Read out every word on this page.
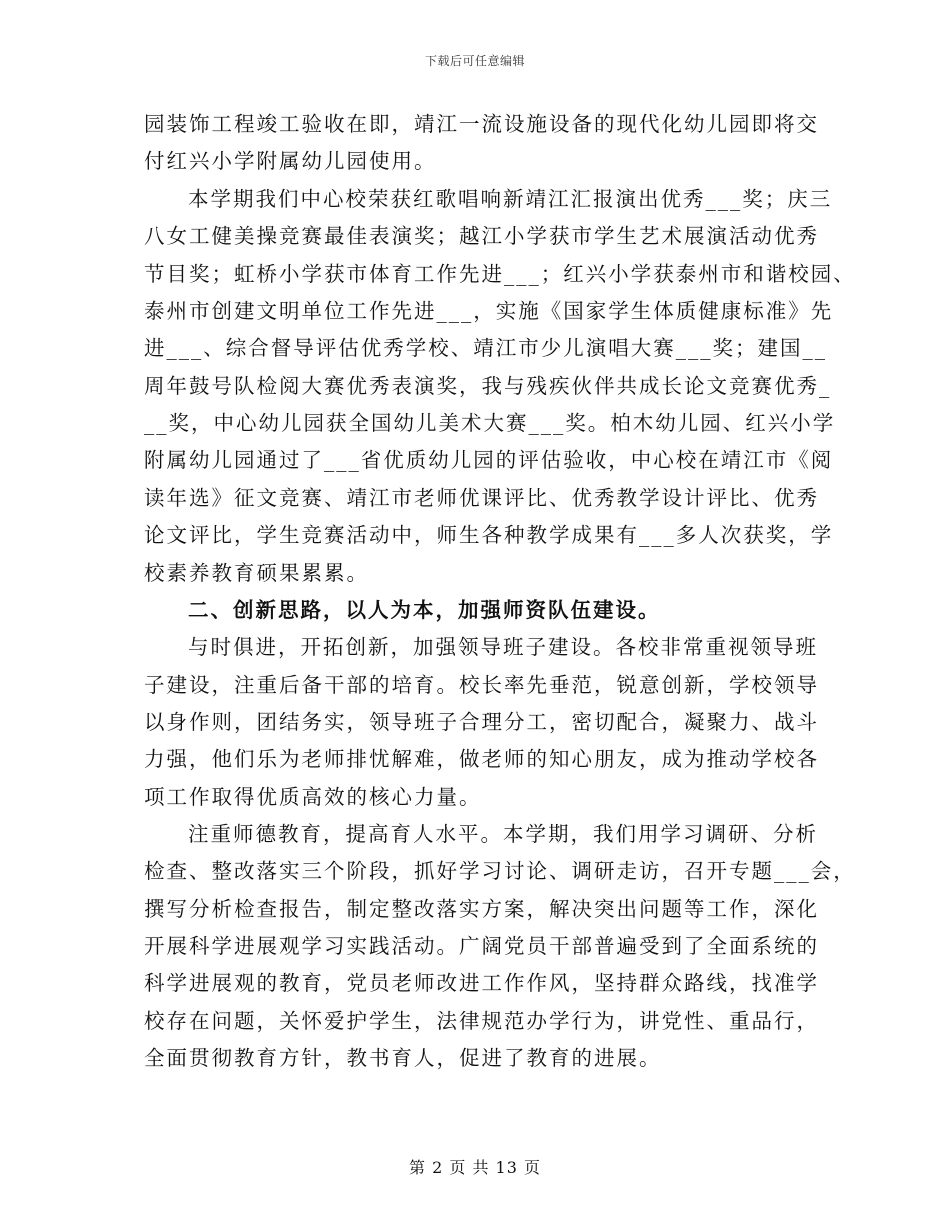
下载后可任意编辑
园装饰工程竣工验收在即，靖江一流设施设备的现代化幼儿园即将交
付红兴小学附属幼儿园使用。
本学期我们中心校荣获红歌唱响新靖江汇报演出优秀___奖；庆三
八女工健美操竞赛最佳表演奖；越江小学获市学生艺术展演活动优秀
节目奖；虹桥小学获市体育工作先进___；红兴小学获泰州市和谐校园、
泰州市创建文明单位工作先进___，实施《国家学生体质健康标准》先
进___、综合督导评估优秀学校、靖江市少儿演唱大赛___奖；建国__
周年鼓号队检阅大赛优秀表演奖，我与残疾伙伴共成长论文竞赛优秀_
__奖，中心幼儿园获全国幼儿美术大赛___奖。柏木幼儿园、红兴小学
附属幼儿园通过了___省优质幼儿园的评估验收，中心校在靖江市《阅
读年选》征文竞赛、靖江市老师优课评比、优秀教学设计评比、优秀
论文评比，学生竞赛活动中，师生各种教学成果有___多人次获奖，学
校素养教育硕果累累。
二、创新思路，以人为本，加强师资队伍建设。
与时俱进，开拓创新，加强领导班子建设。各校非常重视领导班
子建设，注重后备干部的培育。校长率先垂范，锐意创新，学校领导
以身作则，团结务实，领导班子合理分工，密切配合，凝聚力、战斗
力强，他们乐为老师排忧解难，做老师的知心朋友，成为推动学校各
项工作取得优质高效的核心力量。
注重师德教育，提高育人水平。本学期，我们用学习调研、分析
检查、整改落实三个阶段，抓好学习讨论、调研走访，召开专题___会，
撰写分析检查报告，制定整改落实方案，解决突出问题等工作，深化
开展科学进展观学习实践活动。广阔党员干部普遍受到了全面系统的
科学进展观的教育，党员老师改进工作作风，坚持群众路线，找准学
校存在问题，关怀爱护学生，法律规范办学行为，讲党性、重品行，
全面贯彻教育方针，教书育人，促进了教育的进展。
第 2 页 共 13 页
